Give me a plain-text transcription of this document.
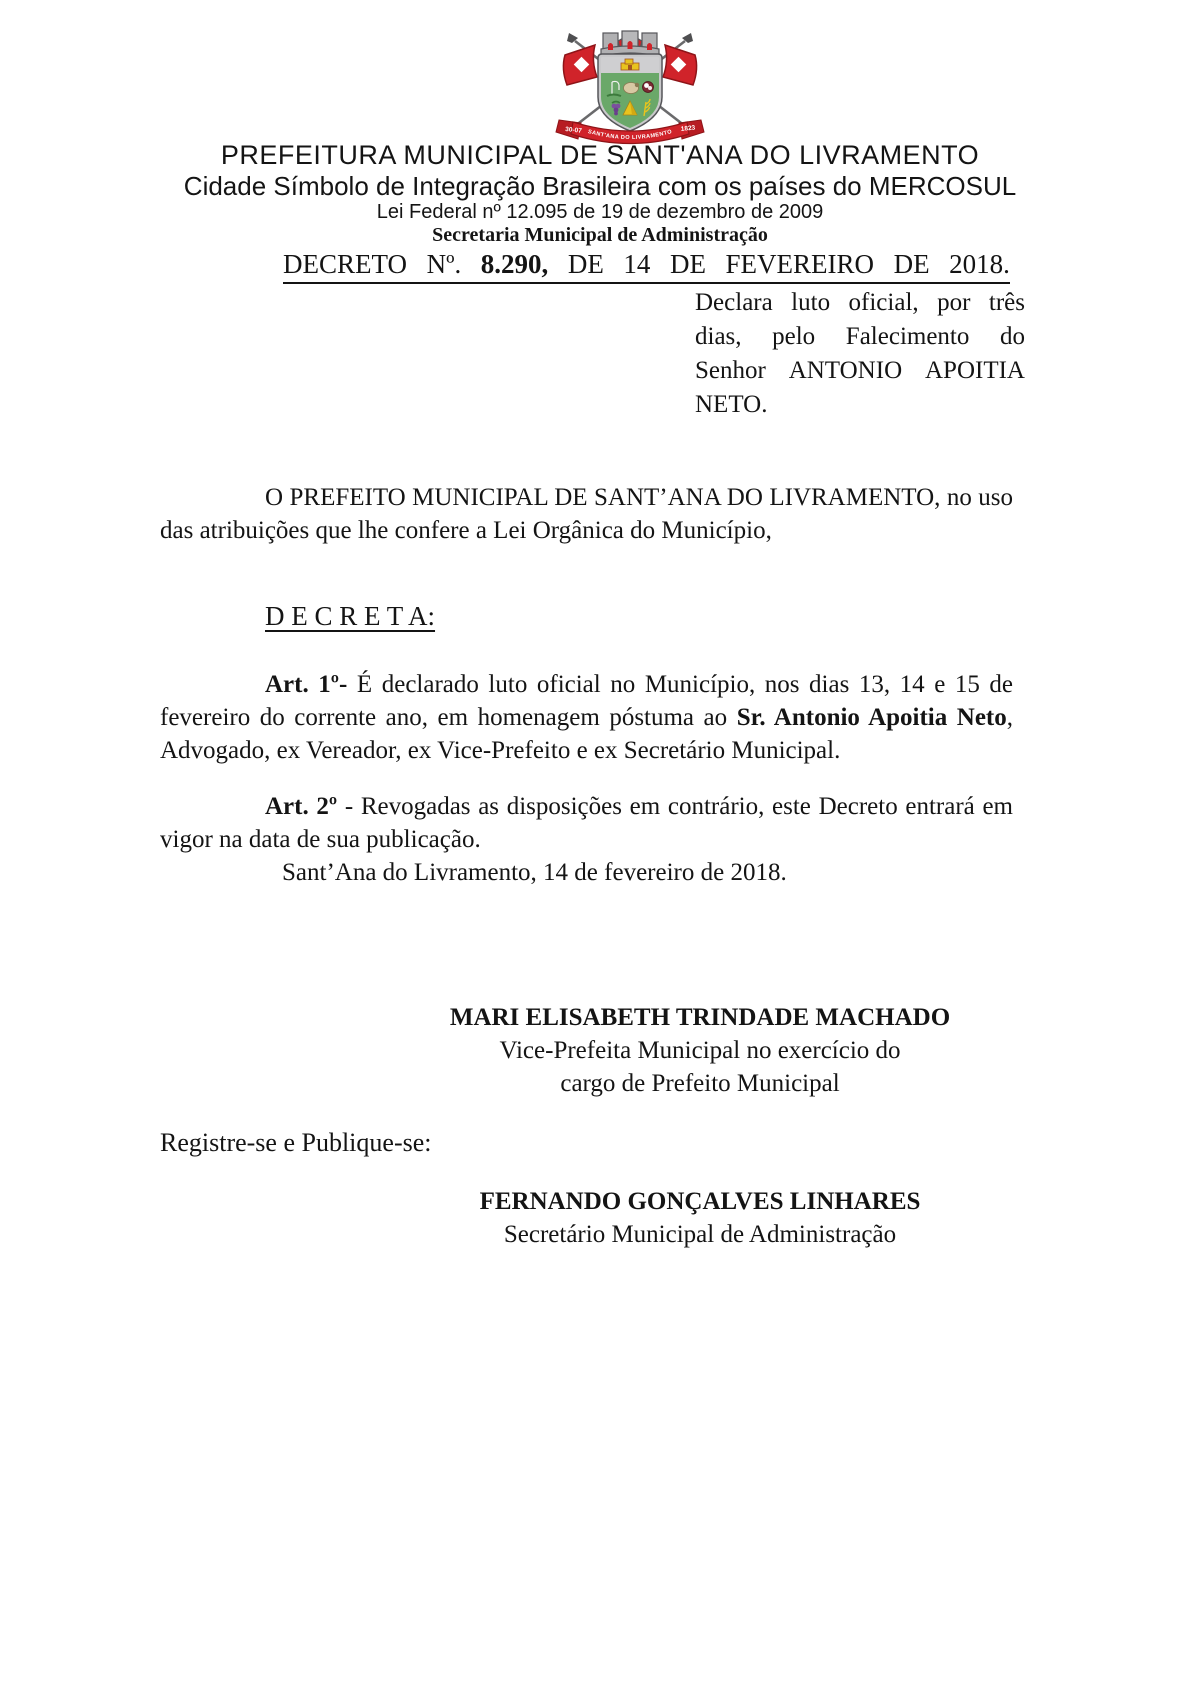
30-07	1823
SANT'ANA DO LIVRAMENTO
PREFEITURA MUNICIPAL DE SANT'ANA DO LIVRAMENTO
Cidade Símbolo de Integração Brasileira com os países do MERCOSUL
Lei Federal nº 12.095 de 19 de dezembro de 2009
Secretaria Municipal de Administração
DECRETO Nº. 8.290, DE 14 DE FEVEREIRO DE 2018.
Declara luto oficial, por três dias, pelo Falecimento do Senhor ANTONIO APOITIA NETO.
O PREFEITO MUNICIPAL DE SANT’ANA DO LIVRAMENTO, no uso das atribuições que lhe confere a Lei Orgânica do Município,
D E C R E T A:
Art. 1º- É declarado luto oficial no Município, nos dias 13, 14 e 15 de fevereiro do corrente ano, em homenagem póstuma ao Sr. Antonio Apoitia Neto, Advogado, ex Vereador, ex Vice-Prefeito e ex Secretário Municipal.
Art. 2º - Revogadas as disposições em contrário, este Decreto entrará em vigor na data de sua publicação.
Sant’Ana do Livramento, 14 de fevereiro de 2018.
MARI ELISABETH TRINDADE MACHADO
Vice-Prefeita Municipal no exercício do
cargo de Prefeito Municipal
Registre-se e Publique-se:
FERNANDO GONÇALVES LINHARES
Secretário Municipal de Administração
